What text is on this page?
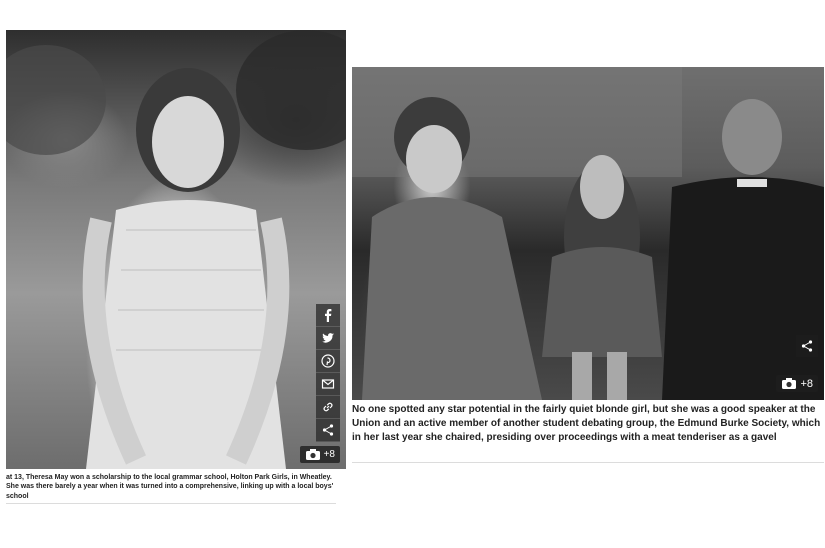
+8
at 13, Theresa May won a scholarship to the local grammar school, Holton Park Girls, in Wheatley. She was there barely a year when it was turned into a comprehensive, linking up with a local boys' school
+8
No one spotted any star potential in the fairly quiet blonde girl, but she was a good speaker at the Union and an active member of another student debating group, the Edmund Burke Society, which in her last year she chaired, presiding over proceedings with a meat tenderiser as a gavel
